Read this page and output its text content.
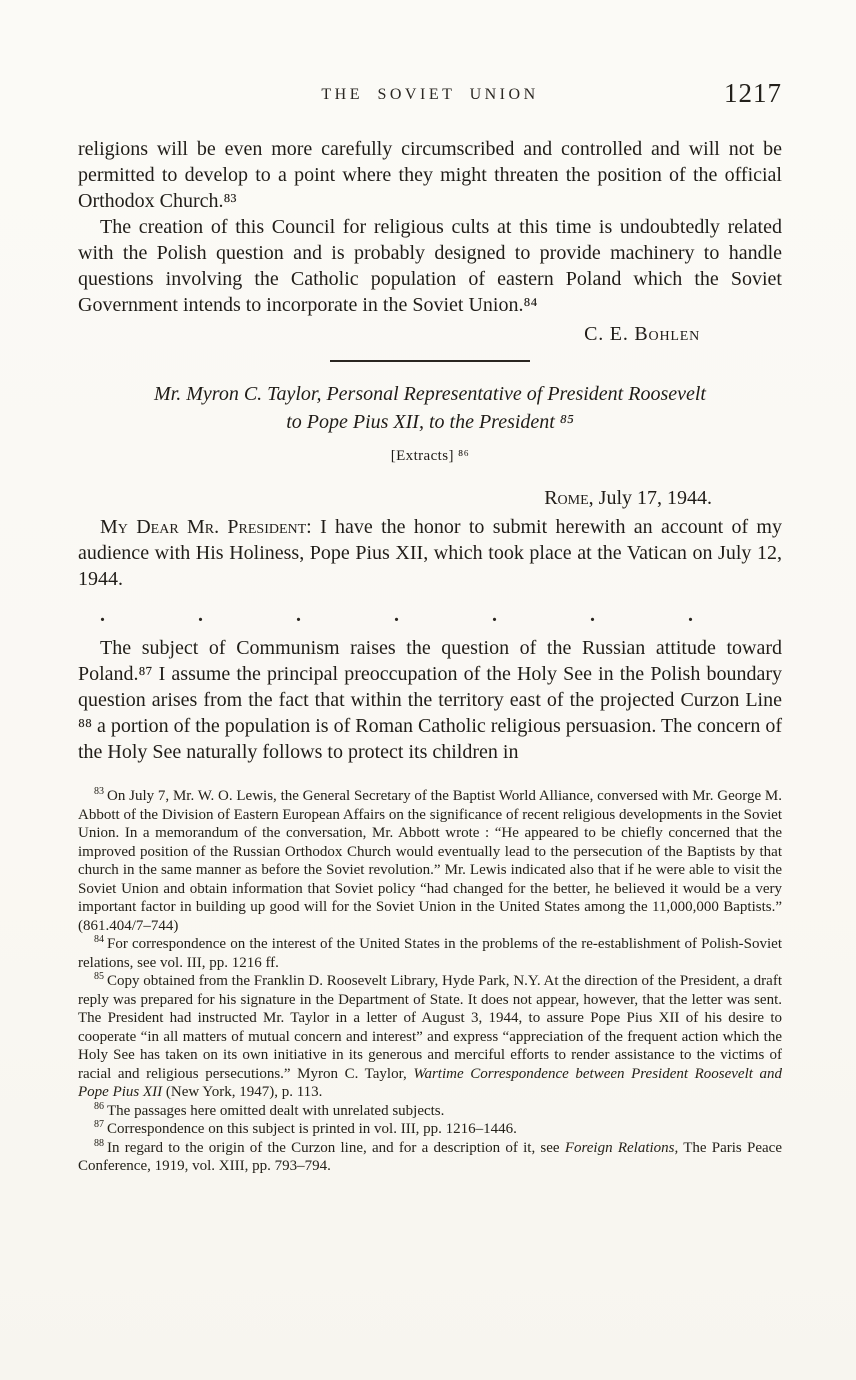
THE SOVIET UNION	1217

religions will be even more carefully circumscribed and controlled and will not be permitted to develop to a point where they might threaten the position of the official Orthodox Church.⁸³

The creation of this Council for religious cults at this time is undoubtedly related with the Polish question and is probably designed to provide machinery to handle questions involving the Catholic population of eastern Poland which the Soviet Government intends to incorporate in the Soviet Union.⁸⁴

C. E. Bohlen
Mr. Myron C. Taylor, Personal Representative of President Roosevelt
to Pope Pius XII, to the President ⁸⁵
[Extracts] ⁸⁶
Rome, July 17, 1944.

My Dear Mr. President: I have the honor to submit herewith an account of my audience with His Holiness, Pope Pius XII, which took place at the Vatican on July 12, 1944.

. . . . . . .

The subject of Communism raises the question of the Russian attitude toward Poland.⁸⁷ I assume the principal preoccupation of the Holy See in the Polish boundary question arises from the fact that within the territory east of the projected Curzon Line ⁸⁸ a portion of the population is of Roman Catholic religious persuasion. The concern of the Holy See naturally follows to protect its children in

$^{83}$ On July 7, Mr. W. O. Lewis, the General Secretary of the Baptist World Alliance, conversed with Mr. George M. Abbott of the Division of Eastern European Affairs on the significance of recent religious developments in the Soviet Union. In a memorandum of the conversation, Mr. Abbott wrote : “He appeared to be chiefly concerned that the improved position of the Russian Orthodox Church would eventually lead to the persecution of the Baptists by that church in the same manner as before the Soviet revolution.” Mr. Lewis indicated also that if he were able to visit the Soviet Union and obtain information that Soviet policy “had changed for the better, he believed it would be a very important factor in building up good will for the Soviet Union in the United States among the 11,000,000 Baptists.” (861.404/7–744)

$^{84}$ For correspondence on the interest of the United States in the problems of the re-establishment of Polish-Soviet relations, see vol. III, pp. 1216 ff.

$^{85}$ Copy obtained from the Franklin D. Roosevelt Library, Hyde Park, N.Y. At the direction of the President, a draft reply was prepared for his signature in the Department of State. It does not appear, however, that the letter was sent. The President had instructed Mr. Taylor in a letter of August 3, 1944, to assure Pope Pius XII of his desire to cooperate “in all matters of mutual concern and interest” and express “appreciation of the frequent action which the Holy See has taken on its own initiative in its generous and merciful efforts to render assistance to the victims of racial and religious persecutions.” Myron C. Taylor, Wartime Correspondence between President Roosevelt and Pope Pius XII (New York, 1947), p. 113.

$^{86}$ The passages here omitted dealt with unrelated subjects.

$^{87}$ Correspondence on this subject is printed in vol. III, pp. 1216–1446.

$^{88}$ In regard to the origin of the Curzon line, and for a description of it, see Foreign Relations, The Paris Peace Conference, 1919, vol. XIII, pp. 793–794.
